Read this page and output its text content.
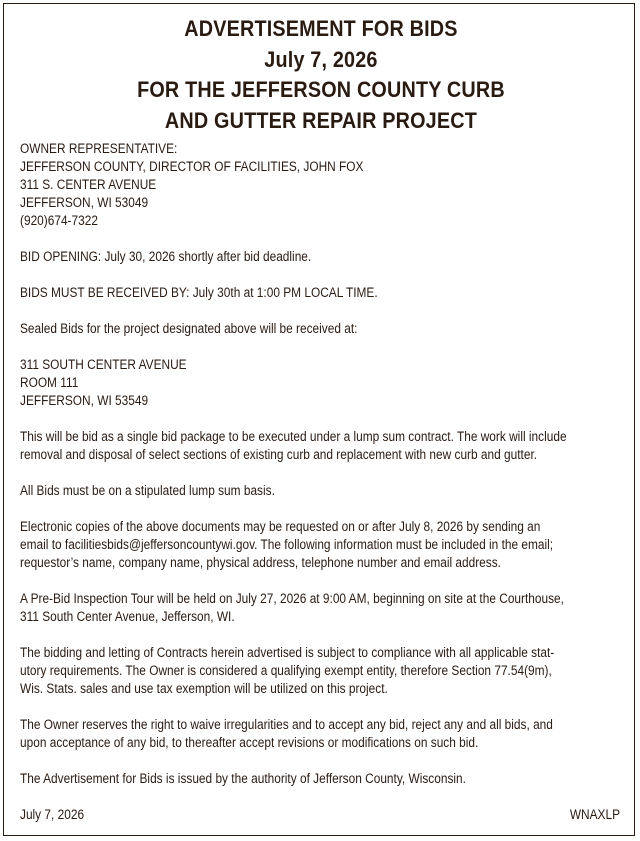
ADVERTISEMENT FOR BIDS

July 7, 2026

FOR THE JEFFERSON COUNTY CURB

AND GUTTER REPAIR PROJECT

OWNER REPRESENTATIVE:
JEFFERSON COUNTY, DIRECTOR OF FACILITIES, JOHN FOX
311 S. CENTER AVENUE
JEFFERSON, WI 53049
(920)674-7322
BID OPENING: July 30, 2026 shortly after bid deadline.
BIDS MUST BE RECEIVED BY: July 30th at 1:00 PM LOCAL TIME.
Sealed Bids for the project designated above will be received at:
311 SOUTH CENTER AVENUE
ROOM 111
JEFFERSON, WI 53549
This will be bid as a single bid package to be executed under a lump sum contract. The work will include
removal and disposal of select sections of existing curb and replacement with new curb and gutter.
All Bids must be on a stipulated lump sum basis.
Electronic copies of the above documents may be requested on or after July 8, 2026 by sending an
email to facilitiesbids@jeffersoncountywi.gov. The following information must be included in the email;
requestor’s name, company name, physical address, telephone number and email address.
A Pre-Bid Inspection Tour will be held on July 27, 2026 at 9:00 AM, beginning on site at the Courthouse,
311 South Center Avenue, Jefferson, WI.
The bidding and letting of Contracts herein advertised is subject to compliance with all applicable stat-
utory requirements. The Owner is considered a qualifying exempt entity, therefore Section 77.54(9m),
Wis. Stats. sales and use tax exemption will be utilized on this project.
The Owner reserves the right to waive irregularities and to accept any bid, reject any and all bids, and
upon acceptance of any bid, to thereafter accept revisions or modifications on such bid.
The Advertisement for Bids is issued by the authority of Jefferson County, Wisconsin.
July 7, 2026	WNAXLP
